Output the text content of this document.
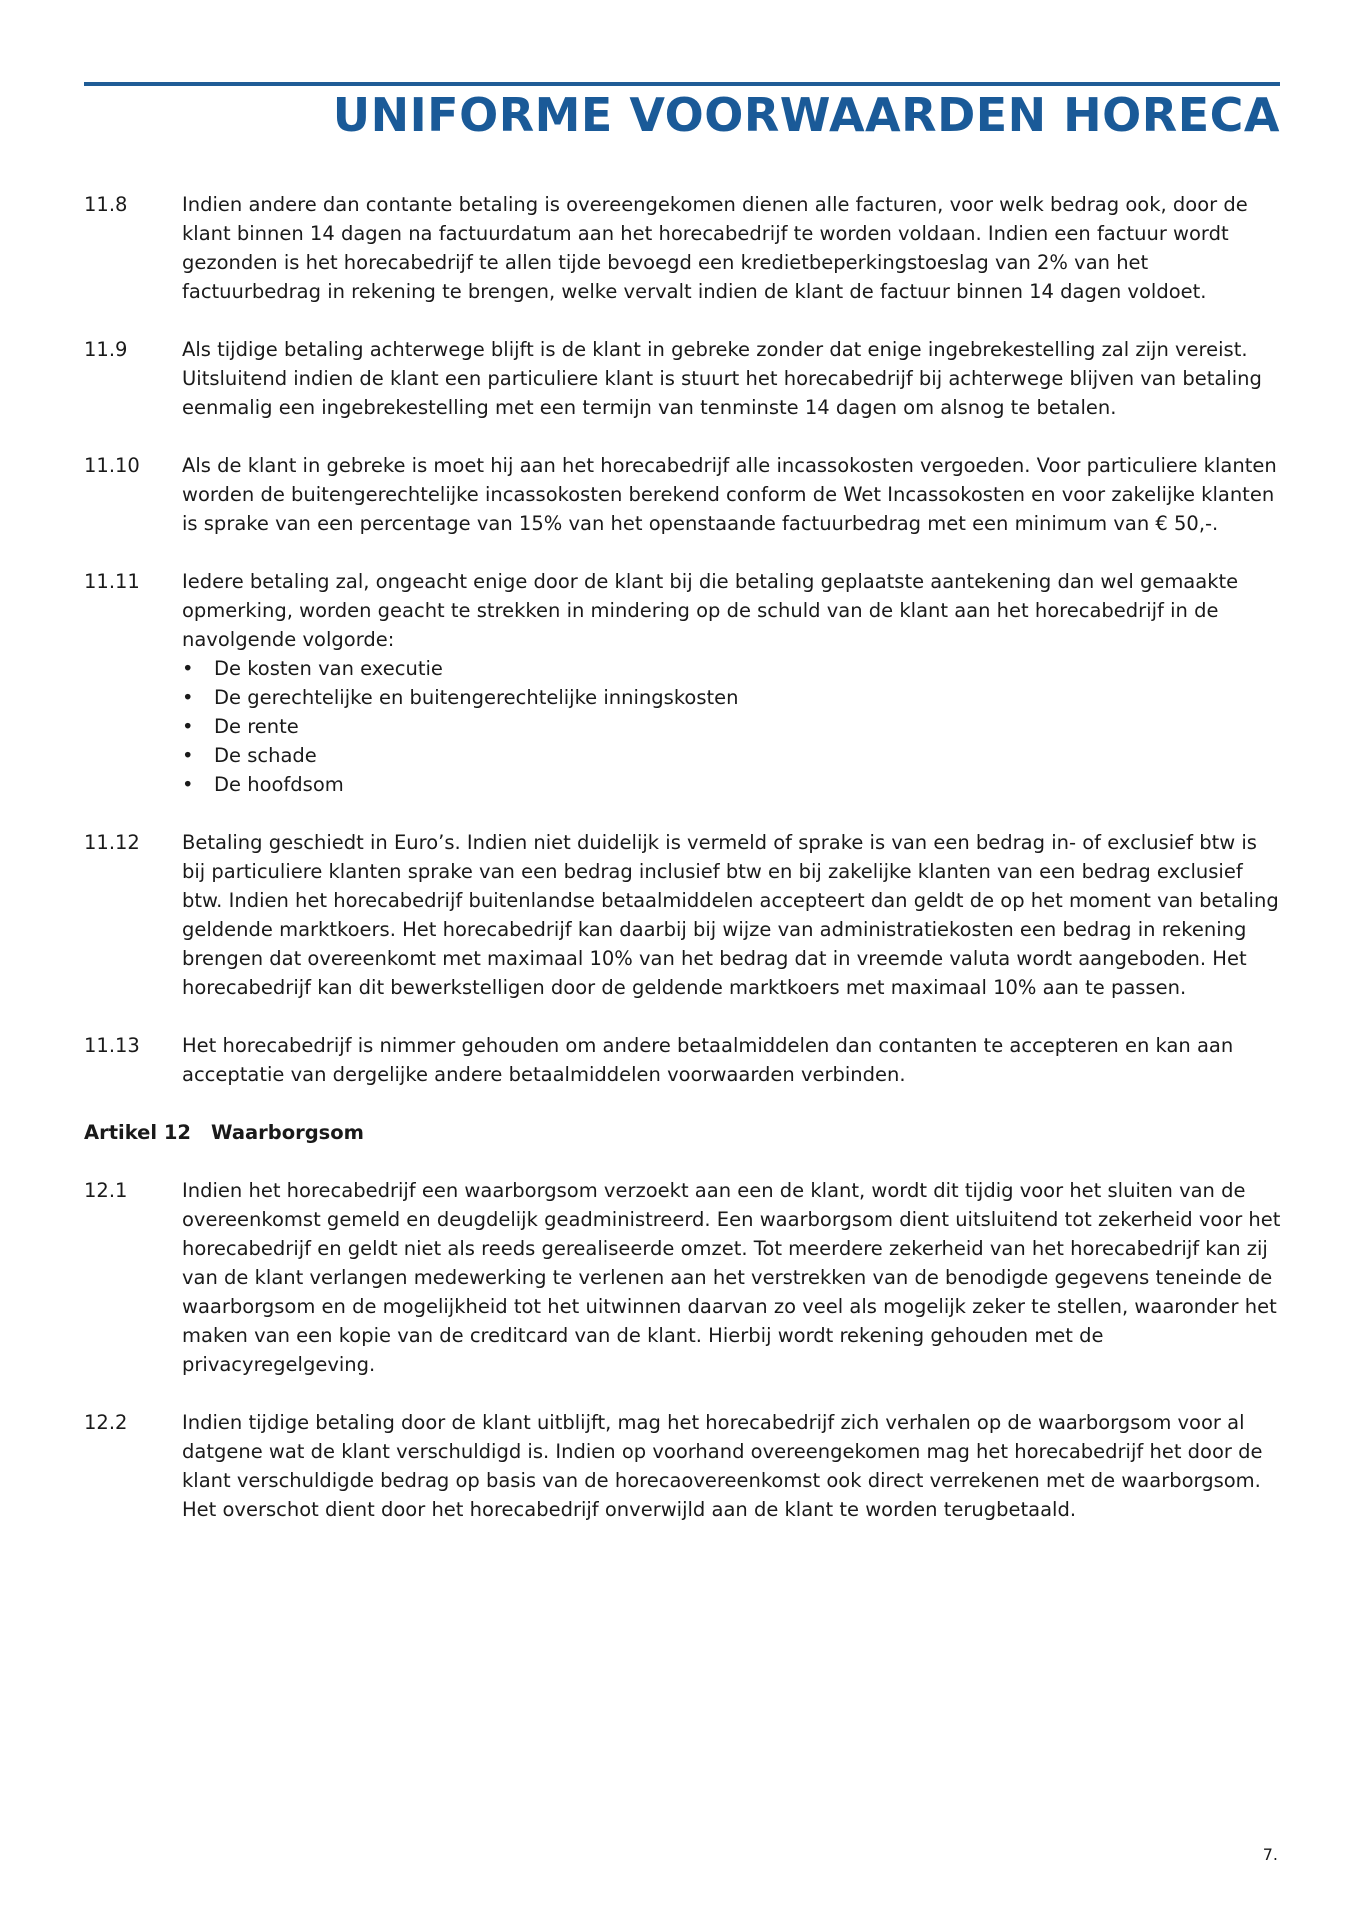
UNIFORME VOORWAARDEN HORECA
11.8	Indien andere dan contante betaling is overeengekomen dienen alle facturen, voor welk bedrag ook, door de klant binnen 14 dagen na factuurdatum aan het horecabedrijf te worden voldaan. Indien een factuur wordt gezonden is het horecabedrijf te allen tijde bevoegd een kredietbeperkingstoeslag van 2% van het factuurbedrag in rekening te brengen, welke vervalt indien de klant de factuur binnen 14 dagen voldoet.

11.9	Als tijdige betaling achterwege blijft is de klant in gebreke zonder dat enige ingebrekestelling zal zijn vereist. Uitsluitend indien de klant een particuliere klant is stuurt het horecabedrijf bij achterwege blijven van betaling eenmalig een ingebrekestelling met een termijn van tenminste 14 dagen om alsnog te betalen.

11.10	Als de klant in gebreke is moet hij aan het horecabedrijf alle incassokosten vergoeden. Voor particuliere klanten worden de buitengerechtelijke incassokosten berekend conform de Wet Incassokosten en voor zakelijke klanten is sprake van een percentage van 15% van het openstaande factuurbedrag met een minimum van € 50,-.

11.11	Iedere betaling zal, ongeacht enige door de klant bij die betaling geplaatste aantekening dan wel gemaakte opmerking, worden geacht te strekken in mindering op de schuld van de klant aan het horecabedrijf in de navolgende volgorde:

•	De kosten van executie
•	De gerechtelijke en buitengerechtelijke inningskosten
•	De rente
•	De schade
•	De hoofdsom
11.12	Betaling geschiedt in Euro’s. Indien niet duidelijk is vermeld of sprake is van een bedrag in- of exclusief btw is bij particuliere klanten sprake van een bedrag inclusief btw en bij zakelijke klanten van een bedrag exclusief btw. Indien het horecabedrijf buitenlandse betaalmiddelen accepteert dan geldt de op het moment van betaling geldende marktkoers. Het horecabedrijf kan daarbij bij wijze van administratiekosten een bedrag in rekening brengen dat overeenkomt met maximaal 10% van het bedrag dat in vreemde valuta wordt aangeboden. Het horecabedrijf kan dit bewerkstelligen door de geldende marktkoers met maximaal 10% aan te passen.

11.13	Het horecabedrijf is nimmer gehouden om andere betaalmiddelen dan contanten te accepteren en kan aan acceptatie van dergelijke andere betaalmiddelen voorwaarden verbinden.

Artikel 12 Waarborgsom
12.1	Indien het horecabedrijf een waarborgsom verzoekt aan een de klant, wordt dit tijdig voor het sluiten van de overeenkomst gemeld en deugdelijk geadministreerd. Een waarborgsom dient uitsluitend tot zekerheid voor het horecabedrijf en geldt niet als reeds gerealiseerde omzet. Tot meerdere zekerheid van het horecabedrijf kan zij van de klant verlangen medewerking te verlenen aan het verstrekken van de benodigde gegevens teneinde de waarborgsom en de mogelijkheid tot het uitwinnen daarvan zo veel als mogelijk zeker te stellen, waaronder het maken van een kopie van de creditcard van de klant. Hierbij wordt rekening gehouden met de privacyregelgeving.

12.2	Indien tijdige betaling door de klant uitblijft, mag het horecabedrijf zich verhalen op de waarborgsom voor al datgene wat de klant verschuldigd is. Indien op voorhand overeengekomen mag het horecabedrijf het door de klant verschuldigde bedrag op basis van de horecaovereenkomst ook direct verrekenen met de waarborgsom. Het overschot dient door het horecabedrijf onverwijld aan de klant te worden terugbetaald.

7.
